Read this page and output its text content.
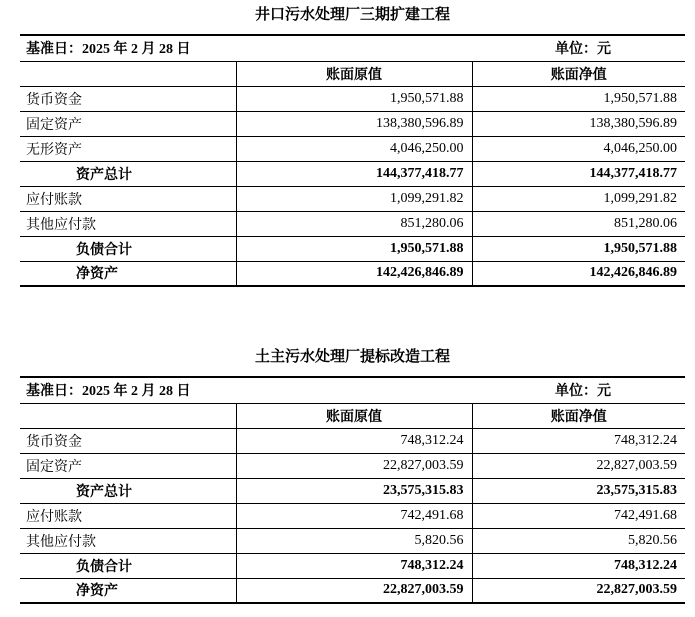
井口污水处理厂三期扩建工程
基准日：2025 年 2 月 28 日		单位：元
	账面原值	账面净值
货币资金	1,950,571.88	1,950,571.88
固定资产	138,380,596.89	138,380,596.89
无形资产	4,046,250.00	4,046,250.00
资产总计	144,377,418.77	144,377,418.77
应付账款	1,099,291.82	1,099,291.82
其他应付款	851,280.06	851,280.06
负债合计	1,950,571.88	1,950,571.88
净资产	142,426,846.89	142,426,846.89
土主污水处理厂提标改造工程
基准日：2025 年 2 月 28 日		单位：元
	账面原值	账面净值
货币资金	748,312.24	748,312.24
固定资产	22,827,003.59	22,827,003.59
资产总计	23,575,315.83	23,575,315.83
应付账款	742,491.68	742,491.68
其他应付款	5,820.56	5,820.56
负债合计	748,312.24	748,312.24
净资产	22,827,003.59	22,827,003.59
